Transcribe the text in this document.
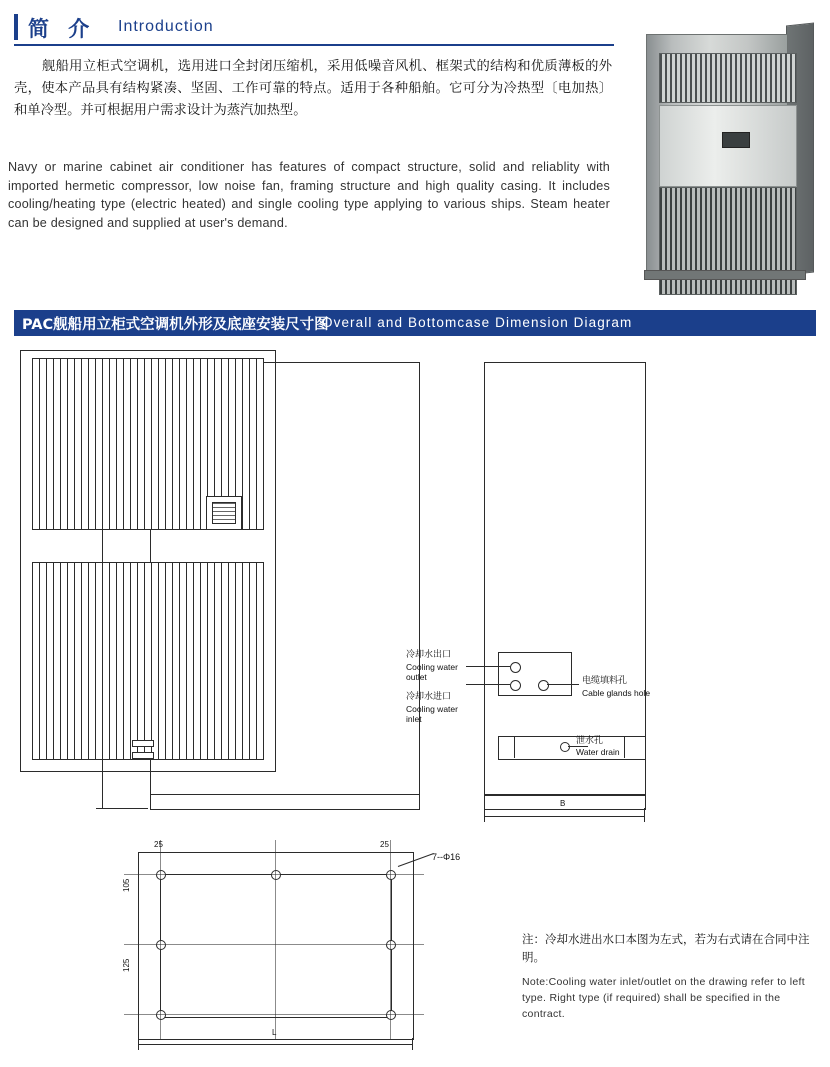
简 介 Introduction
舰船用立柜式空调机，选用进口全封闭压缩机，采用低噪音风机、框架式的结构和优质薄板的外壳，使本产品具有结构紧凑、坚固、工作可靠的特点。适用于各种船舶。它可分为冷热型〔电加热〕和单冷型。并可根据用户需求设计为蒸汽加热型。
Navy or marine cabinet air conditioner has features of compact structure, solid and reliablity with imported hermetic compressor, low noise fan, framing structure and high quality casing. It includes cooling/heating type (electric heated) and single cooling type applying to various ships. Steam heater can be designed and supplied at user's demand.
PAC舰船用立柜式空调机外形及底座安装尺寸图
Overall and Bottomcase Dimension Diagram
冷却水出口
Cooling water
outlet
冷却水进口
Cooling water
inlet
电缆填料孔
Cable glands hole
泄水孔
Water drain
B
25	25
105
125
L
7--Φ16
注：冷却水进出水口本图为左式，若为右式请在合同中注明。
Note:Cooling water inlet/outlet on the drawing refer to left type. Right type (if required) shall be specified in the contract.
